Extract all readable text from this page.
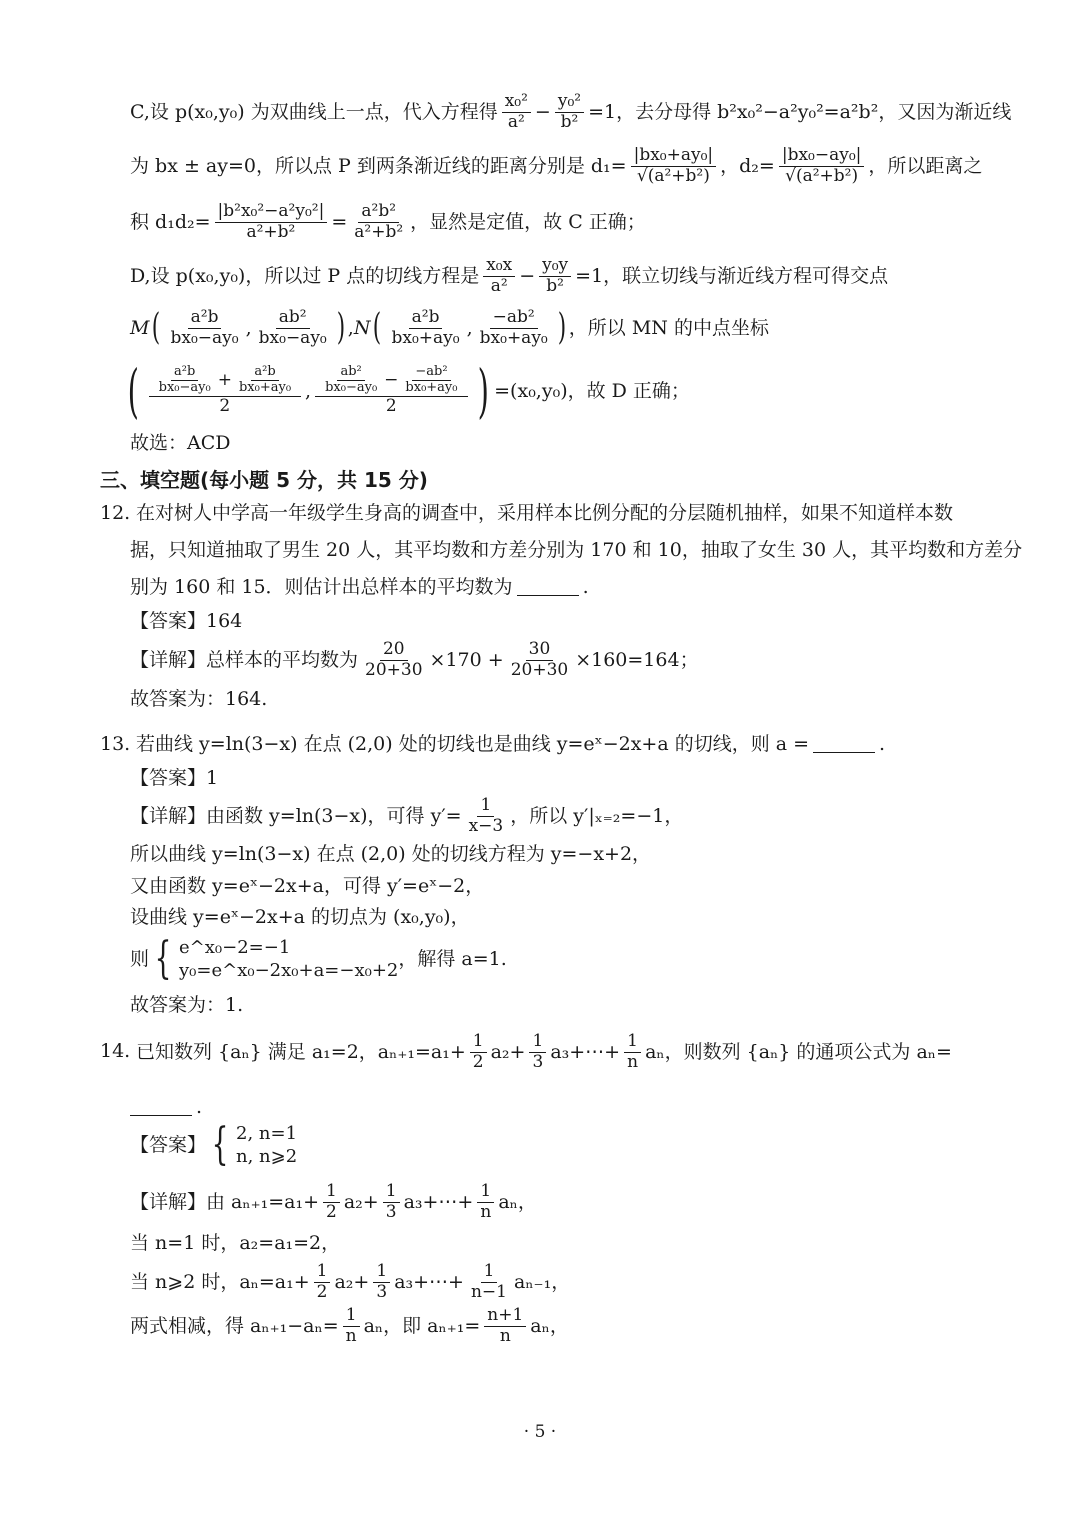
C,设 p(x₀,y₀) 为双曲线上一点，代入方程得 $\frac{\text{x₀²}}{\text{a²}} - \frac{\text{y₀²}}{\text{b²}} =1$，去分母得 b²x₀²−a²y₀²=a²b²，又因为渐近线
为 bx ± ay=0，所以点 P 到两条渐近线的距离分别是 $d_1= \frac{\text{|bx₀+ay₀|}}{\text{√(a²+b²)}}$ ，$d_2= \frac{\text{|bx₀−ay₀|}}{\text{√(a²+b²)}}$ ，所以距离之
积 $d_1d_2= \frac{\text{|b²x₀²−a²y₀²|}}{\text{a²+b²}} = \frac{\text{a²b²}}{\text{a²+b²}}$ ，显然是定值，故 C 正确；
D,设 p(x₀,y₀)，所以过 P 点的切线方程是 $\frac{\text{x₀x}}{\text{a²}} - \frac{\text{y₀y}}{\text{b²}} =1$，联立切线与渐近线方程可得交点
M ( $\frac{\text{a²b}}{\text{bx₀−ay₀}}$ , $\frac{\text{ab²}}{\text{bx₀−ay₀}}$ ) , N ( $\frac{\text{a²b}}{\text{bx₀+ay₀}}$ , $\frac{\text{−ab²}}{\text{bx₀+ay₀}}$ ) ，所以 MN 的中点坐标
( $\frac{\frac{\text{a²b}}{\text{bx₀−ay₀}} + \frac{\text{a²b}}{\text{bx₀+ay₀}}}{2}$ , $\frac{\frac{\text{ab²}}{\text{bx₀−ay₀}} - \frac{\text{−ab²}}{\text{bx₀+ay₀}}}{2}$ ) =(x₀,y₀)，故 D 正确；
故选：ACD
三、填空题(每小题 5 分，共 15 分)
12. 在对树人中学高一年级学生身高的调查中，采用样本比例分配的分层随机抽样，如果不知道样本数
据，只知道抽取了男生 20 人，其平均数和方差分别为 170 和 10，抽取了女生 30 人，其平均数和方差分
别为 160 和 15．则估计出总样本的平均数为	.
【答案】164
【详解】总样本的平均数为 $\frac{20}{20+30} \times 170 + \frac{30}{20+30} \times 160=164$；
故答案为：164.
13. 若曲线 y=ln(3−x) 在点 (2,0) 处的切线也是曲线 y=eˣ−2x+a 的切线，则 a =	.
【答案】1
【详解】由函数 y=ln(3−x)，可得 $y'= \frac{1}{x-3}$ ，所以 y′|ₓ₌₂=−1，
所以曲线 y=ln(3−x) 在点 (2,0) 处的切线方程为 y=−x+2，
又由函数 y=eˣ−2x+a，可得 y′=eˣ−2，
设曲线 y=eˣ−2x+a 的切点为 (x₀,y₀)，
则 { e^x₀−2=−1
y₀=e^x₀−2x₀+a=−x₀+2
，解得 a=1.
故答案为：1.
14. 已知数列 {aₙ} 满足 a₁=2，$a_{n+1}=a_1+ \frac{1}{2} a_2+ \frac{1}{3}$ a₃+⋯+ $\frac{1}{n}$ aₙ，则数列 {aₙ} 的通项公式为 aₙ=
.
【答案】 { 2, n=1
n, n⩾2
【详解】由 $a_{n+1}=a_1+ \frac{1}{2} a_2+ \frac{1}{3}$ a₃+⋯+ $\frac{1}{n}$ aₙ，
当 n=1 时，a₂=a₁=2，
当 n⩾2 时，$a_n=a_1+ \frac{1}{2} a_2+ \frac{1}{3}$ a₃+⋯+ $\frac{1}{n-1} a_{n-1}$，
两式相减，得 $a_{n+1}-a_n= \frac{1}{n}$ aₙ，即 $a_{n+1}= \frac{n+1}{n}$ aₙ，
· 5 ·
